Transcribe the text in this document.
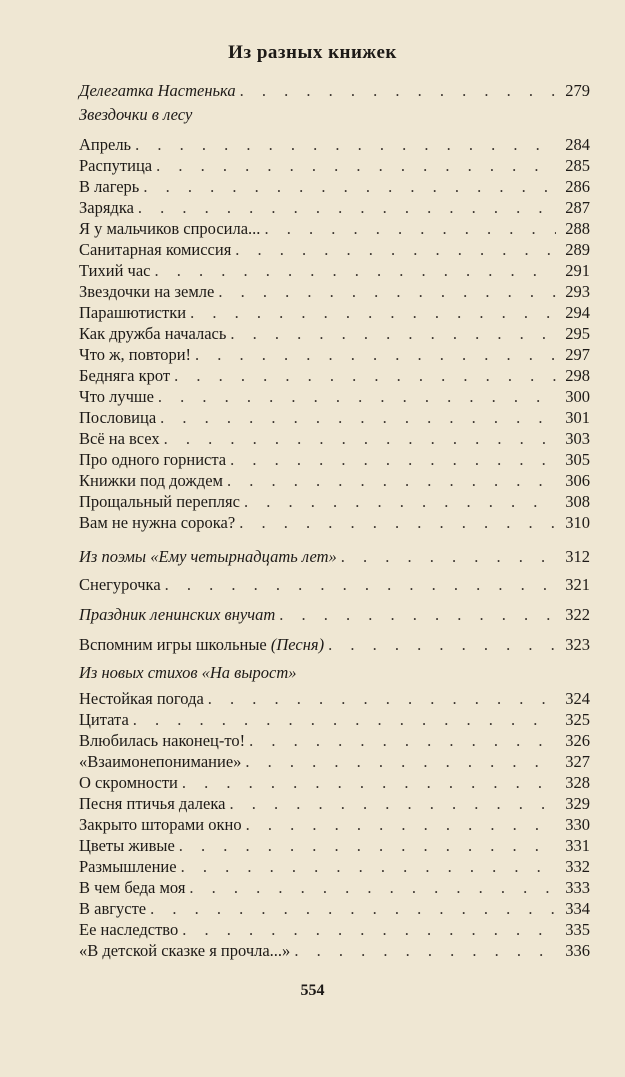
Из разных книжек
Делегатка Настенька . . .	279
Звездочки в лесу
Апрель . . .	284
Распутица . . .	285
В лагерь . . .	286
Зарядка . . .	287
Я у мальчиков спросила... . . .	288
Санитарная комиссия . . .	289
Тихий час . . .	291
Звездочки на земле . . .	293
Парашютистки . . .	294
Как дружба началась . . .	295
Что ж, повтори! . . .	297
Бедняга крот . . .	298
Что лучше . . .	300
Пословица . . .	301
Всё на всех . . .	303
Про одного горниста . . .	305
Книжки под дождем . . .	306
Прощальный перепляс . . .	308
Вам не нужна сорока? . . .	310
Из поэмы «Ему четырнадцать лет» . . .	312
Снегурочка . . .	321
Праздник ленинских внучат . . .	322
Вспомним игры школьные (Песня) . . .	323
Из новых стихов «На вырост»
Нестойкая погода . . .	324
Цитата . . .	325
Влюбилась наконец-то! . . .	326
«Взаимонепонимание» . . .	327
О скромности . . .	328
Песня птичья далека . . .	329
Закрыто шторами окно . . .	330
Цветы живые . . .	331
Размышление . . .	332
В чем беда моя . . .	333
В августе . . .	334
Ее наследство . . .	335
«В детской сказке я прочла...» . . .	336
554
